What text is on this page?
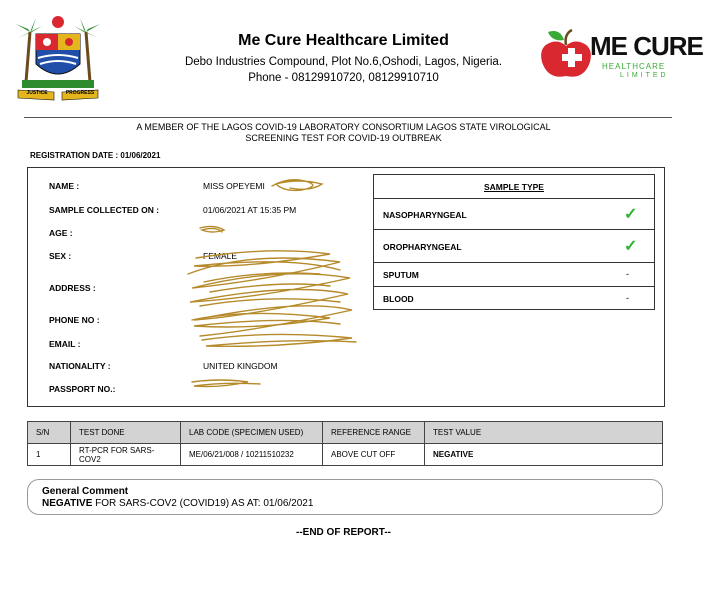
JUSTICE	PROGRESS
Me Cure Healthcare Limited
Debo Industries Compound, Plot No.6,Oshodi, Lagos, Nigeria.
Phone - 08129910720, 08129910710
ME CURE
HEALTHCARE
LIMITED
A MEMBER OF THE LAGOS COVID-19 LABORATORY CONSORTIUM LAGOS STATE VIROLOGICAL
SCREENING TEST FOR COVID-19 OUTBREAK
REGISTRATION DATE : 01/06/2021
NAME :	MISS OPEYEMI
SAMPLE COLLECTED ON :	01/06/2021 AT 15:35 PM
AGE :
SEX :	FEMALE
ADDRESS :
PHONE NO :
EMAIL :
NATIONALITY :	UNITED KINGDOM
PASSPORT NO.:
SAMPLE TYPE
NASOPHARYNGEAL	✓
OROPHARYNGEAL	✓
SPUTUM	-
BLOOD	-
S/N	TEST DONE	LAB CODE (SPECIMEN USED)	REFERENCE RANGE	TEST VALUE
1	RT-PCR FOR SARS-COV2	ME/06/21/008 / 10211510232	ABOVE CUT OFF	NEGATIVE
General Comment
NEGATIVE FOR SARS-COV2 (COVID19) AS AT: 01/06/2021
--END OF REPORT--
